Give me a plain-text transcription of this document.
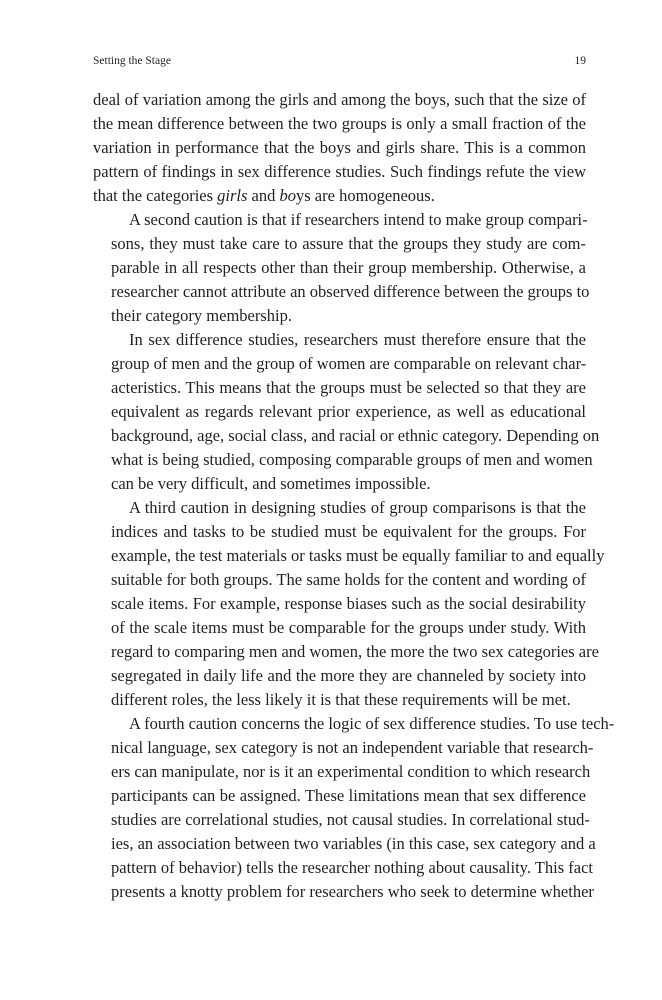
Setting the Stage	19
deal of variation among the girls and among the boys, such that the size of
the mean difference between the two groups is only a small fraction of the
variation in performance that the boys and girls share. This is a common
pattern of findings in sex difference studies. Such findings refute the view
that the categories girls and boys are homogeneous.
A second caution is that if researchers intend to make group compari-
sons, they must take care to assure that the groups they study are com-
parable in all respects other than their group membership. Otherwise, a
researcher cannot attribute an observed difference between the groups to
their category membership.
In sex difference studies, researchers must therefore ensure that the
group of men and the group of women are comparable on relevant char-
acteristics. This means that the groups must be selected so that they are
equivalent as regards relevant prior experience, as well as educational
background, age, social class, and racial or ethnic category. Depending on
what is being studied, composing comparable groups of men and women
can be very difficult, and sometimes impossible.
A third caution in designing studies of group comparisons is that the
indices and tasks to be studied must be equivalent for the groups. For
example, the test materials or tasks must be equally familiar to and equally
suitable for both groups. The same holds for the content and wording of
scale items. For example, response biases such as the social desirability
of the scale items must be comparable for the groups under study. With
regard to comparing men and women, the more the two sex categories are
segregated in daily life and the more they are channeled by society into
different roles, the less likely it is that these requirements will be met.
A fourth caution concerns the logic of sex difference studies. To use tech-
nical language, sex category is not an independent variable that research-
ers can manipulate, nor is it an experimental condition to which research
participants can be assigned. These limitations mean that sex difference
studies are correlational studies, not causal studies. In correlational stud-
ies, an association between two variables (in this case, sex category and a
pattern of behavior) tells the researcher nothing about causality. This fact
presents a knotty problem for researchers who seek to determine whether
